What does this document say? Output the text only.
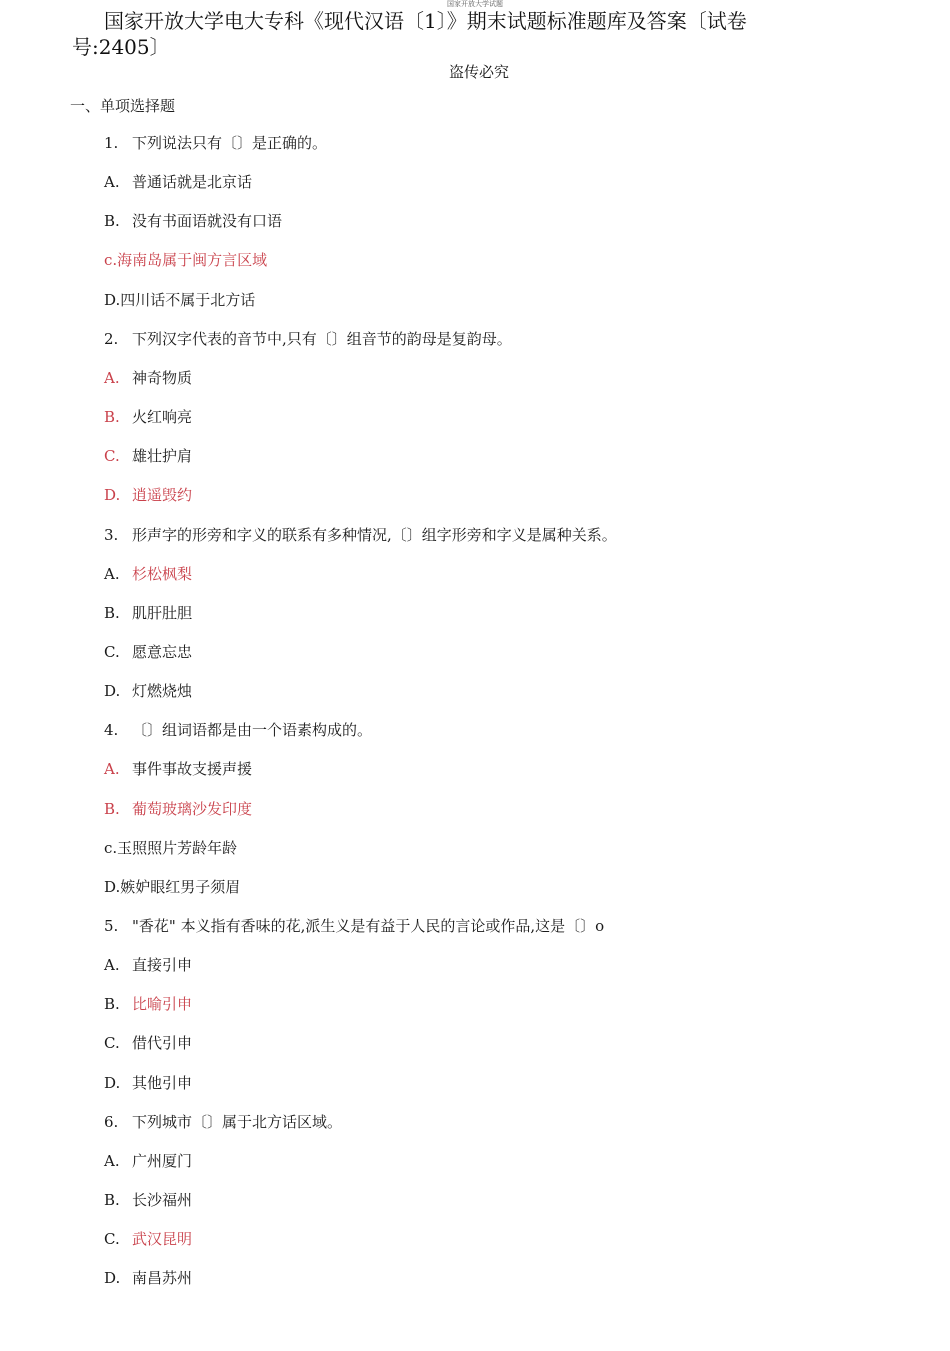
国家开放大学试题
国家开放大学电大专科《现代汉语〔1〕》期末试题标准题库及答案〔试卷号:2405〕
盗传必究
一、单项选择题
1. 下列说法只有〔〕是正确的。
A. 普通话就是北京话
B. 没有书面语就没有口语
c.海南岛属于闽方言区域
D.四川话不属于北方话
2. 下列汉字代表的音节中,只有〔〕组音节的韵母是复韵母。
A. 神奇物质
B. 火红响亮
C. 雄壮护肩
D. 逍遥毁约
3. 形声字的形旁和字义的联系有多种情况,〔〕组字形旁和字义是属种关系。
A. 杉松枫梨
B. 肌肝肚胆
C. 愿意忘忠
D. 灯燃烧烛
4. 〔〕组词语都是由一个语素构成的。
A. 事件事故支援声援
B. 葡萄玻璃沙发印度
c.玉照照片芳龄年龄
D.嫉妒眼红男子须眉
5. "香花" 本义指有香味的花,派生义是有益于人民的言论或作品,这是〔〕o
A. 直接引申
B. 比喻引申
C. 借代引申
D. 其他引申
6. 下列城市〔〕属于北方话区域。
A. 广州厦门
B. 长沙福州
C. 武汉昆明
D. 南昌苏州
